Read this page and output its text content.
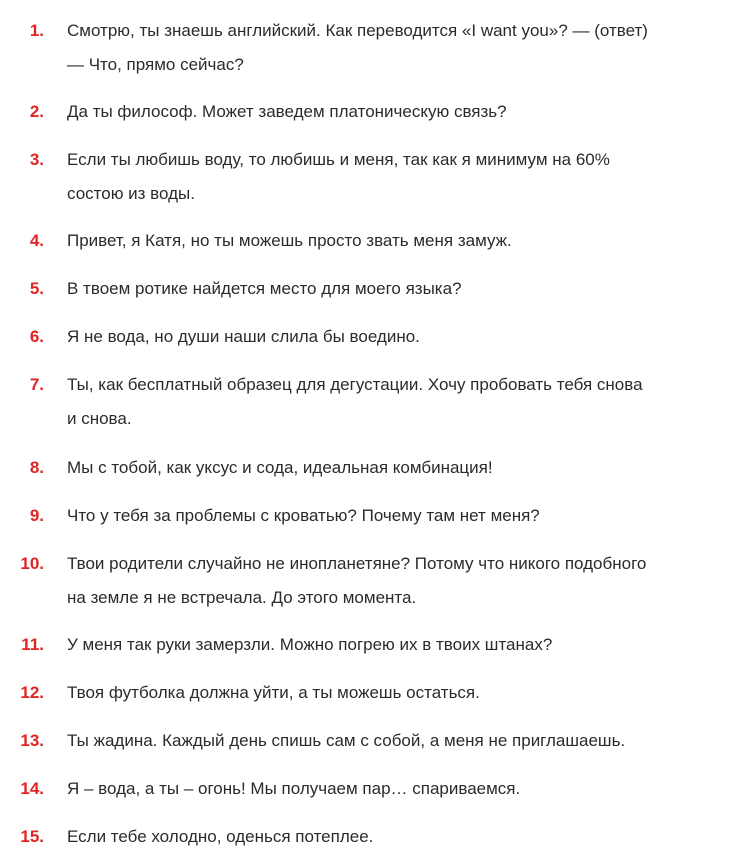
1. Смотрю, ты знаешь английский. Как переводится «I want you»? — (ответ)
— Что, прямо сейчас?
2. Да ты философ. Может заведем платоническую связь?
3. Если ты любишь воду, то любишь и меня, так как я минимум на 60%
состою из воды.
4. Привет, я Катя, но ты можешь просто звать меня замуж.
5. В твоем ротике найдется место для моего языка?
6. Я не вода, но души наши слила бы воедино.
7. Ты, как бесплатный образец для дегустации. Хочу пробовать тебя снова
и снова.
8. Мы с тобой, как уксус и сода, идеальная комбинация!
9. Что у тебя за проблемы с кроватью? Почему там нет меня?
10. Твои родители случайно не инопланетяне? Потому что никого подобного
на земле я не встречала. До этого момента.
11. У меня так руки замерзли. Можно погрею их в твоих штанах?
12. Твоя футболка должна уйти, а ты можешь остаться.
13. Ты жадина. Каждый день спишь сам с собой, а меня не приглашаешь.
14. Я – вода, а ты – огонь! Мы получаем пар… спариваемся.
15. Если тебе холодно, оденься потеплее.
